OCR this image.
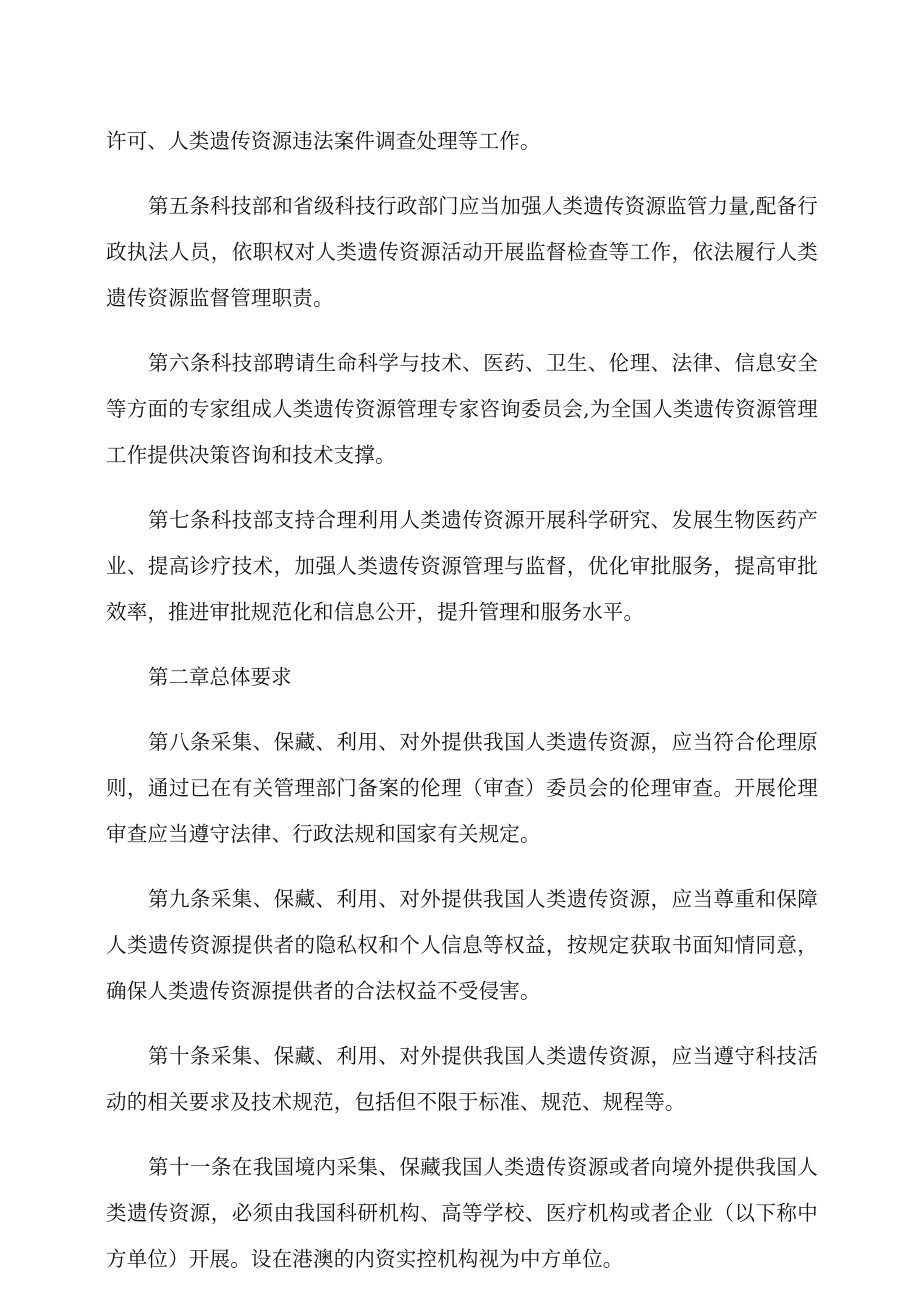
许可、人类遗传资源违法案件调查处理等工作。

第五条科技部和省级科技行政部门应当加强人类遗传资源监管力量,配备行政执法人员，依职权对人类遗传资源活动开展监督检查等工作，依法履行人类遗传资源监督管理职责。

第六条科技部聘请生命科学与技术、医药、卫生、伦理、法律、信息安全等方面的专家组成人类遗传资源管理专家咨询委员会,为全国人类遗传资源管理工作提供决策咨询和技术支撑。

第七条科技部支持合理利用人类遗传资源开展科学研究、发展生物医药产业、提高诊疗技术，加强人类遗传资源管理与监督，优化审批服务，提高审批效率，推进审批规范化和信息公开，提升管理和服务水平。

第二章总体要求

第八条采集、保藏、利用、对外提供我国人类遗传资源，应当符合伦理原则，通过已在有关管理部门备案的伦理（审查）委员会的伦理审查。开展伦理审查应当遵守法律、行政法规和国家有关规定。

第九条采集、保藏、利用、对外提供我国人类遗传资源，应当尊重和保障人类遗传资源提供者的隐私权和个人信息等权益，按规定获取书面知情同意，确保人类遗传资源提供者的合法权益不受侵害。

第十条采集、保藏、利用、对外提供我国人类遗传资源，应当遵守科技活动的相关要求及技术规范，包括但不限于标准、规范、规程等。

第十一条在我国境内采集、保藏我国人类遗传资源或者向境外提供我国人类遗传资源，必须由我国科研机构、高等学校、医疗机构或者企业（以下称中方单位）开展。设在港澳的内资实控机构视为中方单位。
